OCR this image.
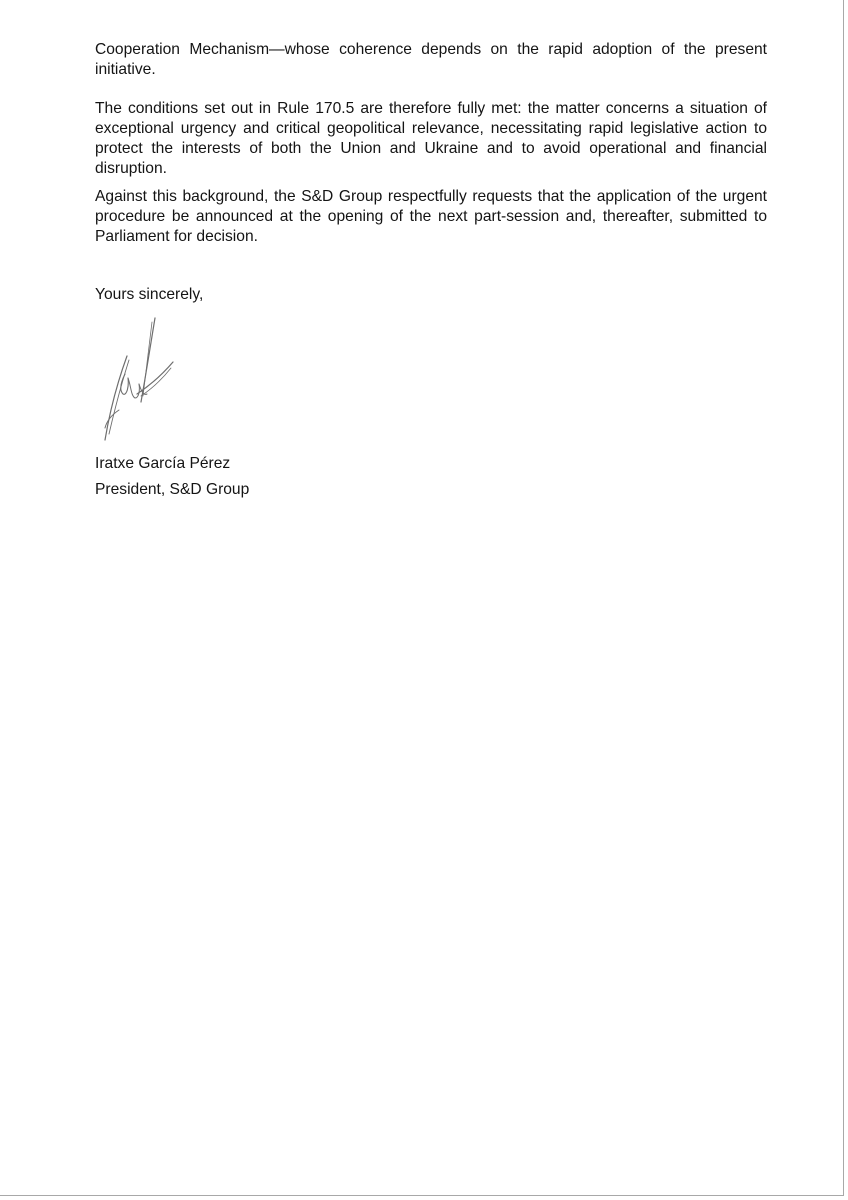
Cooperation Mechanism—whose coherence depends on the rapid adoption of the present initiative.

The conditions set out in Rule 170.5 are therefore fully met: the matter concerns a situation of exceptional urgency and critical geopolitical relevance, necessitating rapid legislative action to protect the interests of both the Union and Ukraine and to avoid operational and financial disruption.

Against this background, the S&D Group respectfully requests that the application of the urgent procedure be announced at the opening of the next part-session and, thereafter, submitted to Parliament for decision.

Yours sincerely,

Iratxe García Pérez
President, S&D Group
